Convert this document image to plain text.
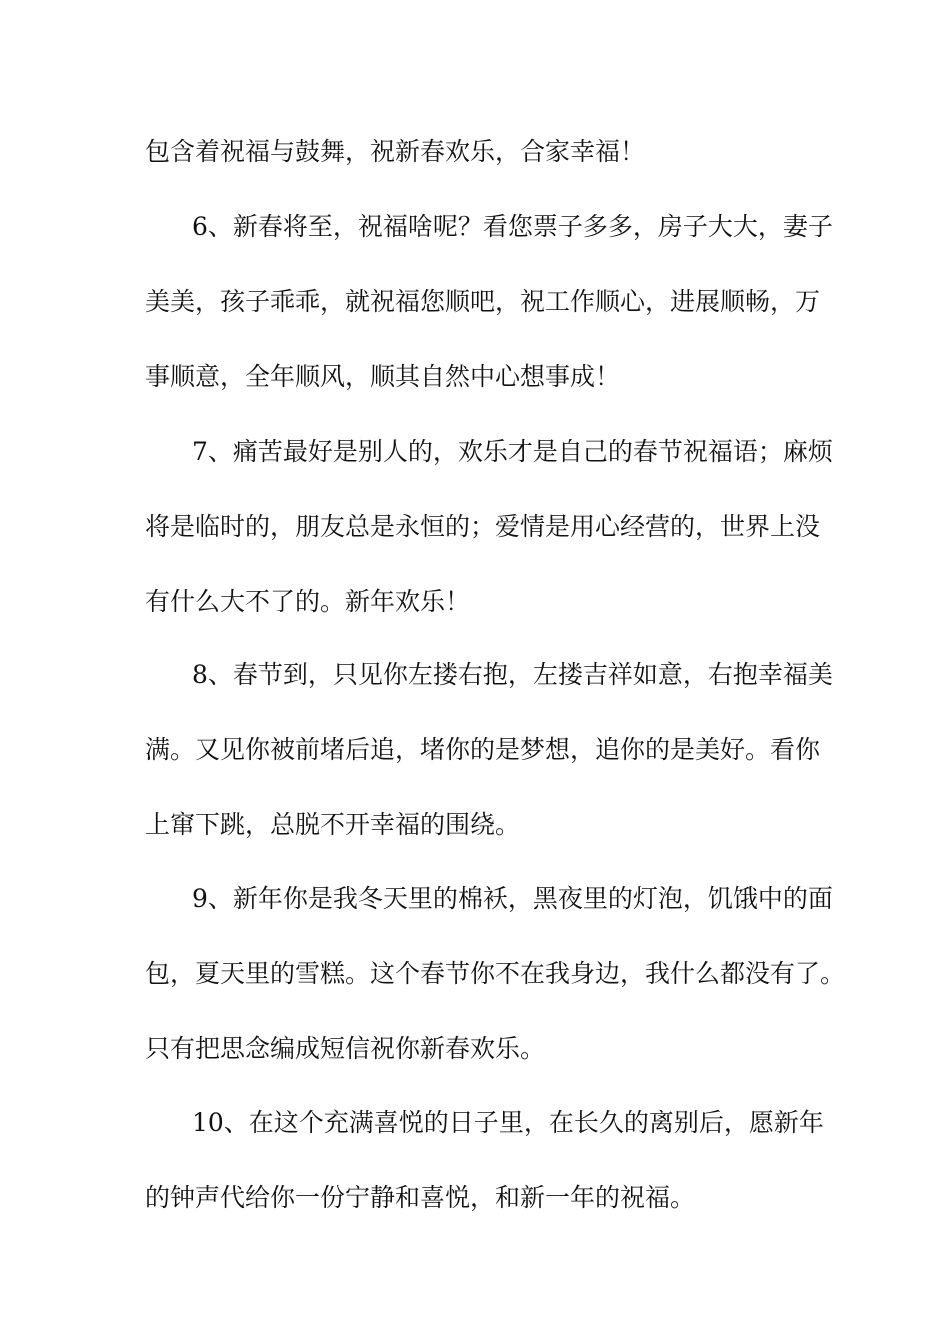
包含着祝福与鼓舞，祝新春欢乐，合家幸福！
6、新春将至，祝福啥呢？看您票子多多，房子大大，妻子
美美，孩子乖乖，就祝福您顺吧，祝工作顺心，进展顺畅，万
事顺意，全年顺风，顺其自然中心想事成！
7、痛苦最好是别人的，欢乐才是自己的春节祝福语；麻烦
将是临时的，朋友总是永恒的；爱情是用心经营的，世界上没
有什么大不了的。新年欢乐！
8、春节到，只见你左搂右抱，左搂吉祥如意，右抱幸福美
满。又见你被前堵后追，堵你的是梦想，追你的是美好。看你
上窜下跳，总脱不开幸福的围绕。
9、新年你是我冬天里的棉袄，黑夜里的灯泡，饥饿中的面
包，夏天里的雪糕。这个春节你不在我身边，我什么都没有了。
只有把思念编成短信祝你新春欢乐。
10、在这个充满喜悦的日子里，在长久的离别后，愿新年
的钟声代给你一份宁静和喜悦，和新一年的祝福。
